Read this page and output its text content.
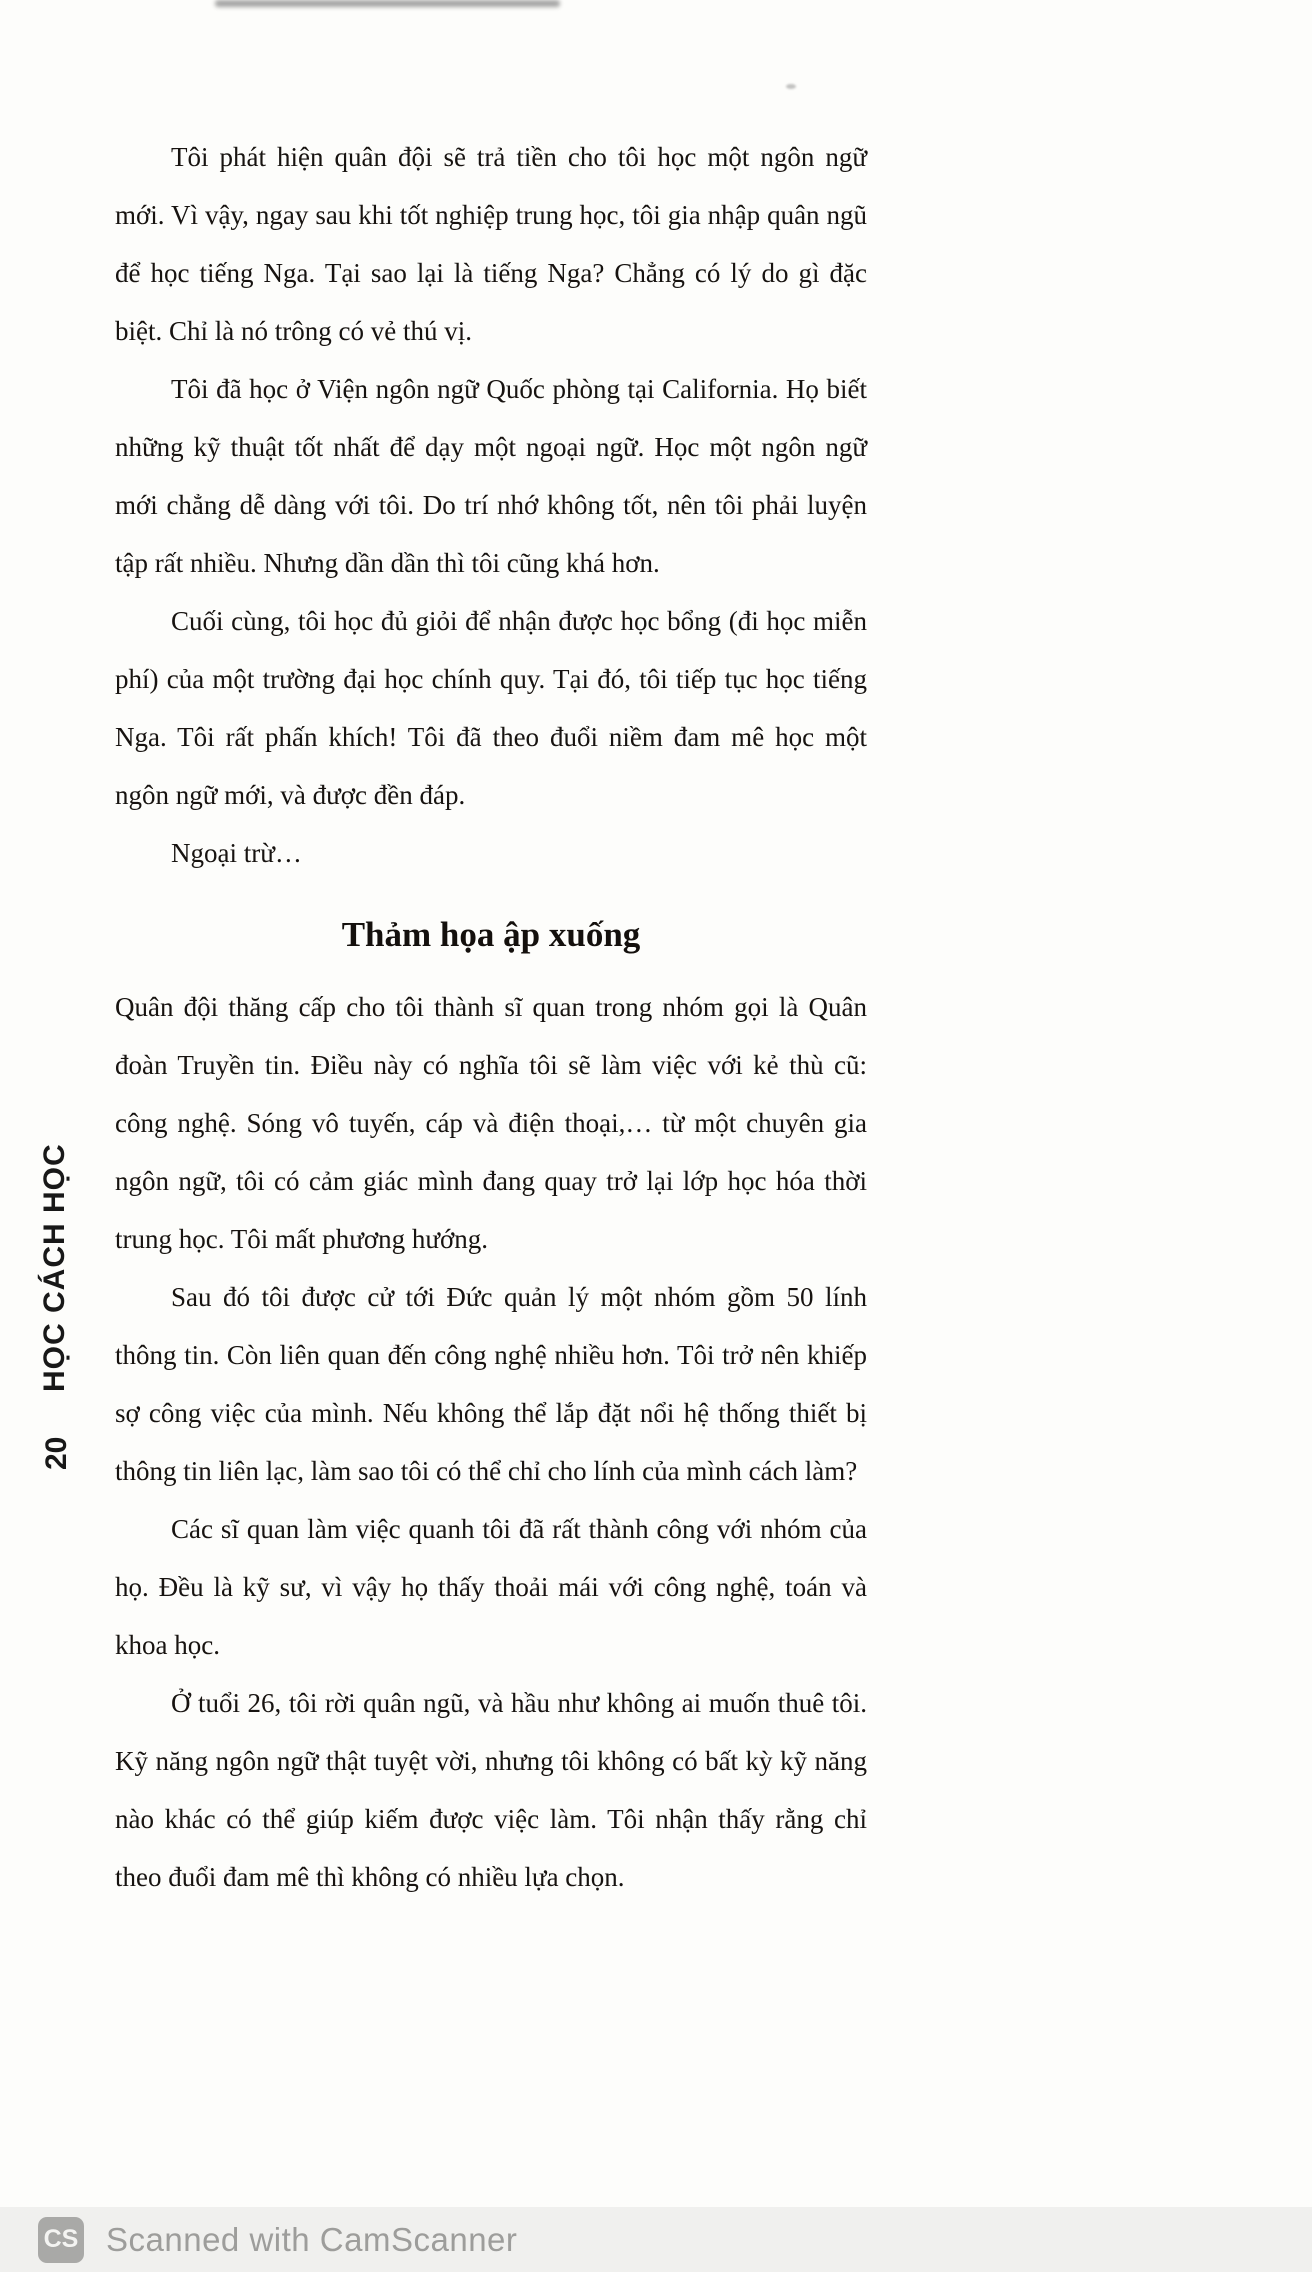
Tôi phát hiện quân đội sẽ trả tiền cho tôi học một ngôn ngữ mới. Vì vậy, ngay sau khi tốt nghiệp trung học, tôi gia nhập quân ngũ để học tiếng Nga. Tại sao lại là tiếng Nga? Chẳng có lý do gì đặc biệt. Chỉ là nó trông có vẻ thú vị.

Tôi đã học ở Viện ngôn ngữ Quốc phòng tại California. Họ biết những kỹ thuật tốt nhất để dạy một ngoại ngữ. Học một ngôn ngữ mới chẳng dễ dàng với tôi. Do trí nhớ không tốt, nên tôi phải luyện tập rất nhiều. Nhưng dần dần thì tôi cũng khá hơn.

Cuối cùng, tôi học đủ giỏi để nhận được học bổng (đi học miễn phí) của một trường đại học chính quy. Tại đó, tôi tiếp tục học tiếng Nga. Tôi rất phấn khích! Tôi đã theo đuổi niềm đam mê học một ngôn ngữ mới, và được đền đáp.

Ngoại trừ…

Thảm họa ập xuống

Quân đội thăng cấp cho tôi thành sĩ quan trong nhóm gọi là Quân đoàn Truyền tin. Điều này có nghĩa tôi sẽ làm việc với kẻ thù cũ: công nghệ. Sóng vô tuyến, cáp và điện thoại,… từ một chuyên gia ngôn ngữ, tôi có cảm giác mình đang quay trở lại lớp học hóa thời trung học. Tôi mất phương hướng.

Sau đó tôi được cử tới Đức quản lý một nhóm gồm 50 lính thông tin. Còn liên quan đến công nghệ nhiều hơn. Tôi trở nên khiếp sợ công việc của mình. Nếu không thể lắp đặt nổi hệ thống thiết bị thông tin liên lạc, làm sao tôi có thể chỉ cho lính của mình cách làm?

Các sĩ quan làm việc quanh tôi đã rất thành công với nhóm của họ. Đều là kỹ sư, vì vậy họ thấy thoải mái với công nghệ, toán và khoa học.

Ở tuổi 26, tôi rời quân ngũ, và hầu như không ai muốn thuê tôi. Kỹ năng ngôn ngữ thật tuyệt vời, nhưng tôi không có bất kỳ kỹ năng nào khác có thể giúp kiếm được việc làm. Tôi nhận thấy rằng chỉ theo đuổi đam mê thì không có nhiều lựa chọn.

HỌC CÁCH HỌC
20
CS Scanned with CamScanner
